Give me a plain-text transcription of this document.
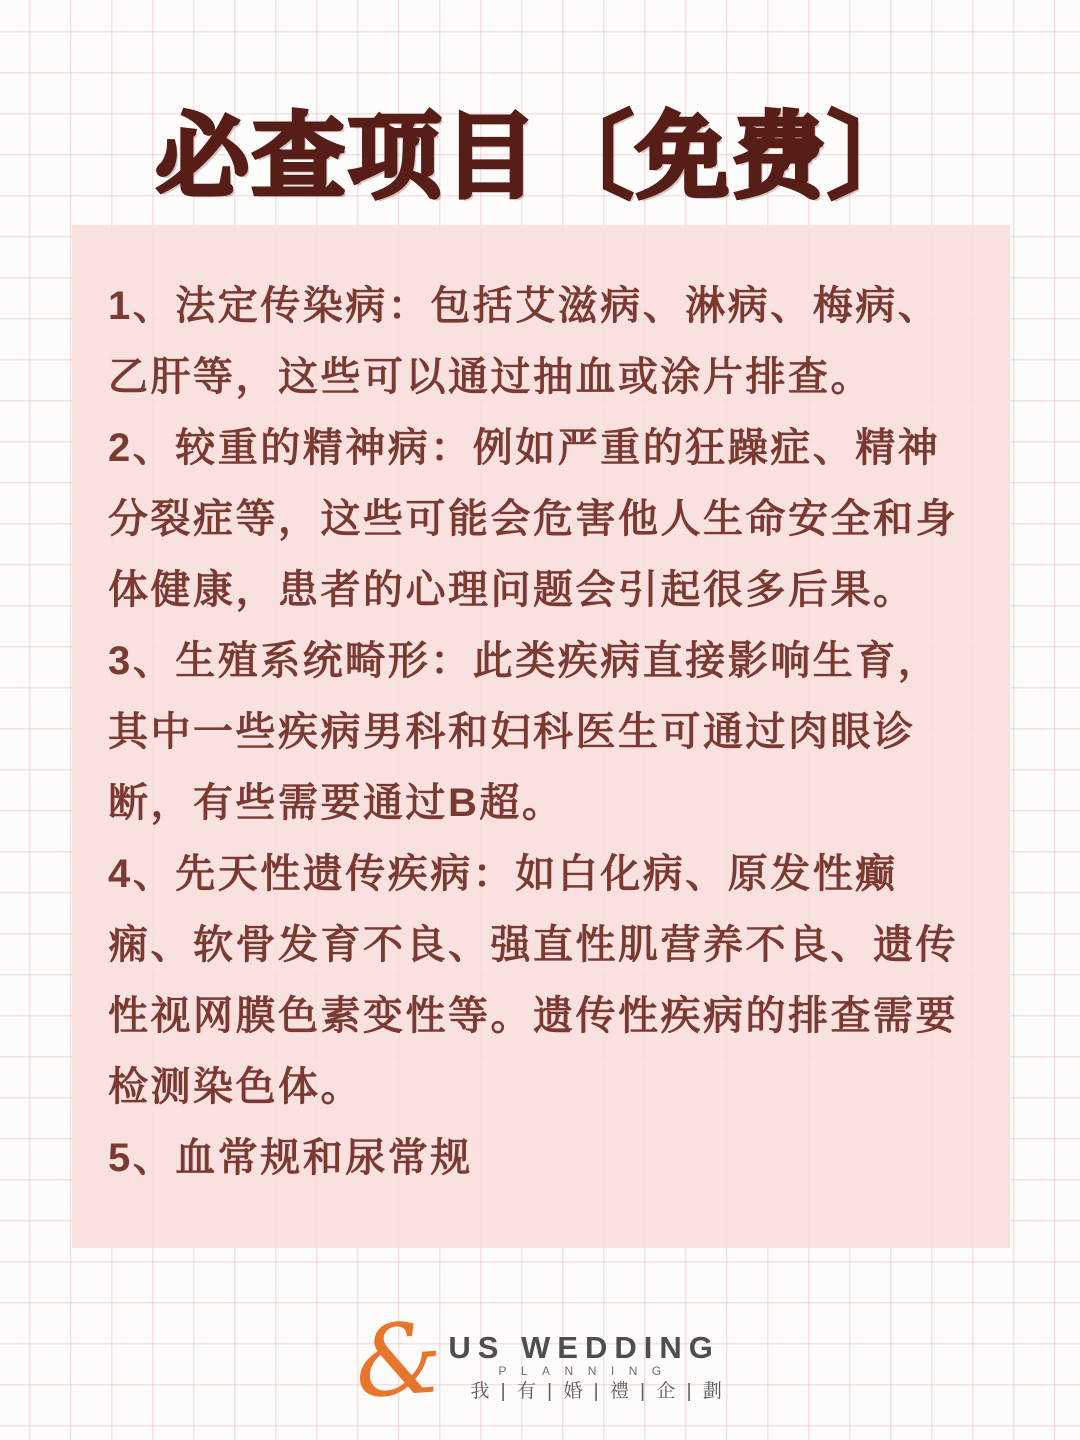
必查项目〔免费〕
1、法定传染病：包括艾滋病、淋病、梅病、
乙肝等，这些可以通过抽血或涂片排查。
2、较重的精神病：例如严重的狂躁症、精神
分裂症等，这些可能会危害他人生命安全和身
体健康，患者的心理问题会引起很多后果。
3、生殖系统畸形：此类疾病直接影响生育，
其中一些疾病男科和妇科医生可通过肉眼诊
断，有些需要通过B超。
4、先天性遗传疾病：如白化病、原发性癫
痫、软骨发育不良、强直性肌营养不良、遗传
性视网膜色素变性等。遗传性疾病的排查需要
检测染色体。
5、血常规和尿常规
& US WEDDING
PLANNING
我 | 有 | 婚 | 禮 | 企 | 劃
